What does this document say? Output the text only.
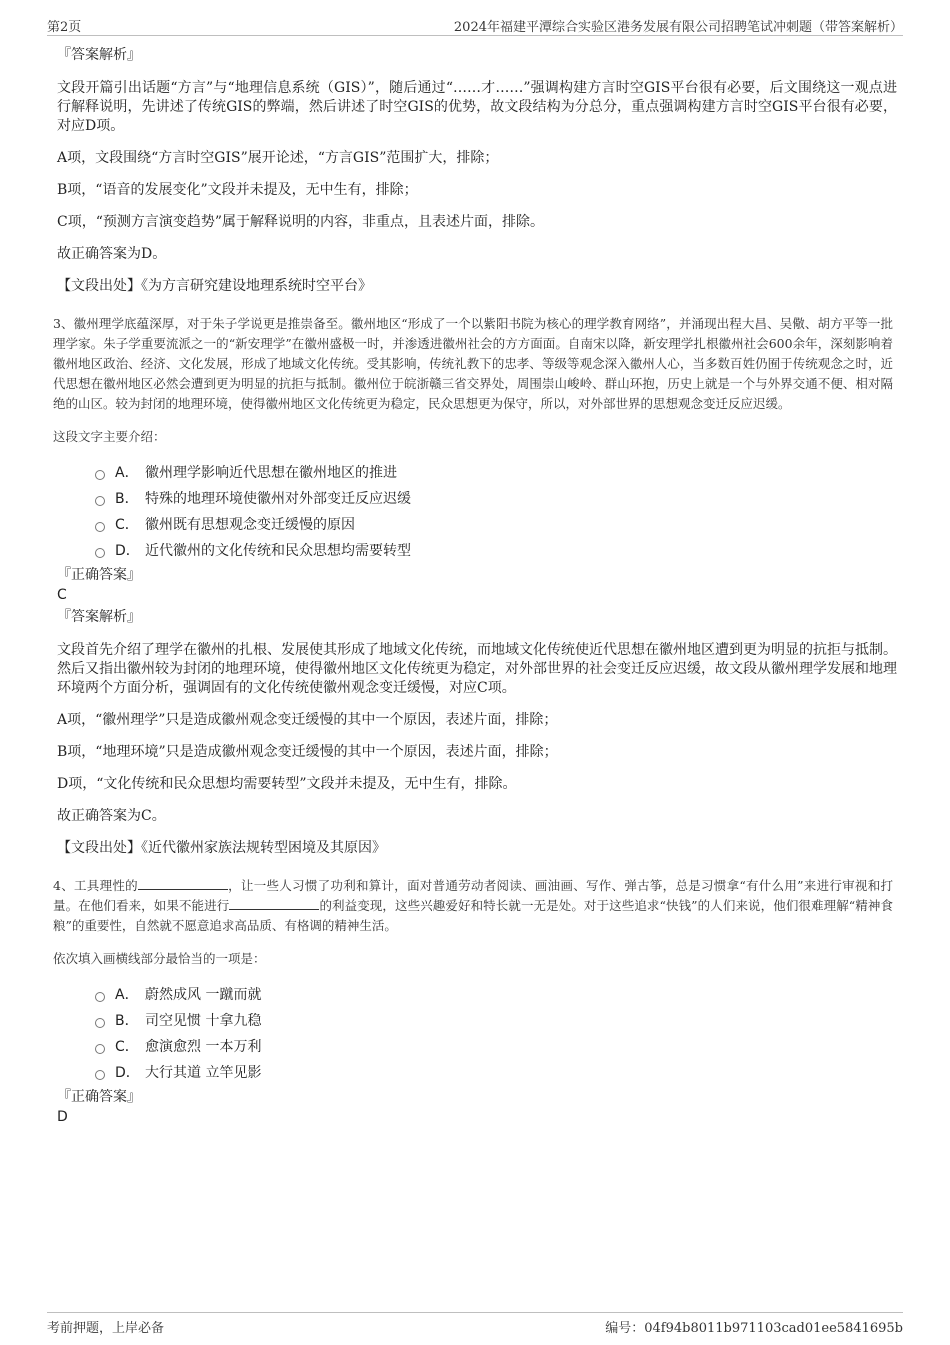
第2页	2024年福建平潭综合实验区港务发展有限公司招聘笔试冲刺题（带答案解析）
『答案解析』
文段开篇引出话题“方言”与“地理信息系统（GIS）”，随后通过“……才……”强调构建方言时空GIS平台很有必要，后文围绕这一观点进行解释说明，先讲述了传统GIS的弊端，然后讲述了时空GIS的优势，故文段结构为分总分，重点强调构建方言时空GIS平台很有必要，对应D项。
A项，文段围绕“方言时空GIS”展开论述，“方言GIS”范围扩大，排除；
B项，“语音的发展变化”文段并未提及，无中生有，排除；
C项，“预测方言演变趋势”属于解释说明的内容，非重点，且表述片面，排除。
故正确答案为D。
【文段出处】《为方言研究建设地理系统时空平台》
3、徽州理学底蕴深厚，对于朱子学说更是推崇备至。徽州地区“形成了一个以紫阳书院为核心的理学教育网络”，并涌现出程大昌、吴儆、胡方平等一批理学家。朱子学重要流派之一的“新安理学”在徽州盛极一时，并渗透进徽州社会的方方面面。自南宋以降，新安理学扎根徽州社会600余年，深刻影响着徽州地区政治、经济、文化发展，形成了地域文化传统。受其影响，传统礼教下的忠孝、等级等观念深入徽州人心，当多数百姓仍囿于传统观念之时，近代思想在徽州地区必然会遭到更为明显的抗拒与抵制。徽州位于皖浙赣三省交界处，周围崇山峻岭、群山环抱，历史上就是一个与外界交通不便、相对隔绝的山区。较为封闭的地理环境，使得徽州地区文化传统更为稳定，民众思想更为保守，所以，对外部世界的思想观念变迁反应迟缓。
这段文字主要介绍：
A． 徽州理学影响近代思想在徽州地区的推进
B． 特殊的地理环境使徽州对外部变迁反应迟缓
C． 徽州既有思想观念变迁缓慢的原因
D． 近代徽州的文化传统和民众思想均需要转型
『正确答案』
C
『答案解析』
文段首先介绍了理学在徽州的扎根、发展使其形成了地域文化传统，而地域文化传统使近代思想在徽州地区遭到更为明显的抗拒与抵制。然后又指出徽州较为封闭的地理环境，使得徽州地区文化传统更为稳定，对外部世界的社会变迁反应迟缓，故文段从徽州理学发展和地理环境两个方面分析，强调固有的文化传统使徽州观念变迁缓慢，对应C项。
A项，“徽州理学”只是造成徽州观念变迁缓慢的其中一个原因，表述片面，排除；
B项，“地理环境”只是造成徽州观念变迁缓慢的其中一个原因，表述片面，排除；
D项，“文化传统和民众思想均需要转型”文段并未提及，无中生有，排除。
故正确答案为C。
【文段出处】《近代徽州家族法规转型困境及其原因》
4、工具理性的	，让一些人习惯了功利和算计，面对普通劳动者阅读、画油画、写作、弹古筝，总是习惯拿“有什么用”来进行审视和打量。在他们看来，如果不能进行	的利益变现，这些兴趣爱好和特长就一无是处。对于这些追求“快钱”的人们来说，他们很难理解“精神食粮”的重要性，自然就不愿意追求高品质、有格调的精神生活。
依次填入画横线部分最恰当的一项是：
A． 蔚然成风 一蹴而就
B． 司空见惯 十拿九稳
C． 愈演愈烈 一本万利
D． 大行其道 立竿见影
『正确答案』
D
考前押题，上岸必备	编号：04f94b8011b971103cad01ee5841695b
